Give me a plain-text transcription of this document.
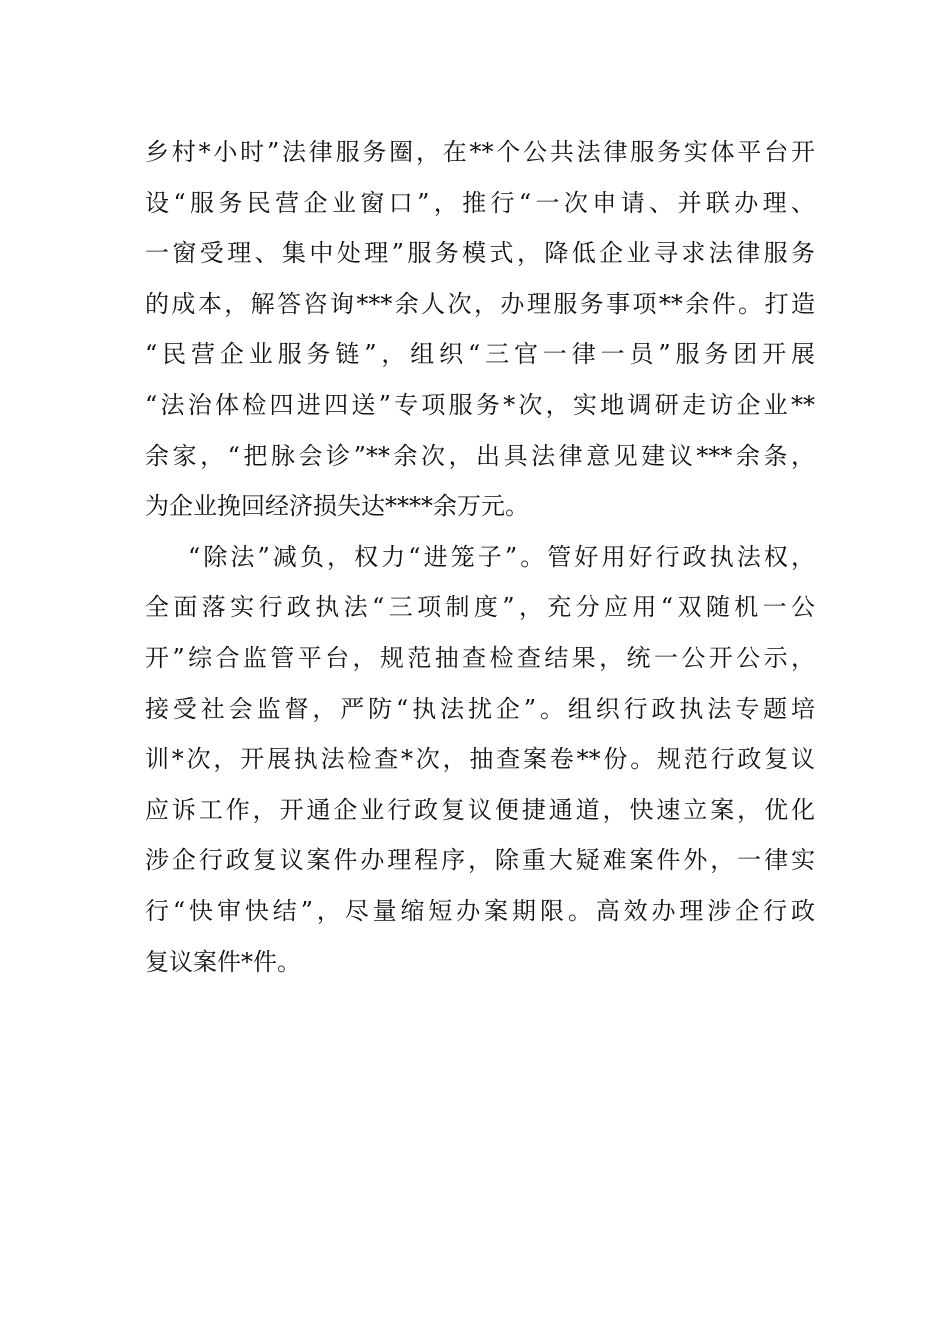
乡村*小时”法律服务圈，在**个公共法律服务实体平台开
设“服务民营企业窗口”，推行“一次申请、并联办理、
一窗受理、集中处理”服务模式，降低企业寻求法律服务
的成本，解答咨询***余人次，办理服务事项**余件。打造
“民营企业服务链”，组织“三官一律一员”服务团开展
“法治体检四进四送”专项服务*次，实地调研走访企业**
余家，“把脉会诊”**余次，出具法律意见建议***余条，
为企业挽回经济损失达****余万元。
“除法”减负，权力“进笼子”。管好用好行政执法权，
全面落实行政执法“三项制度”，充分应用“双随机一公
开”综合监管平台，规范抽查检查结果，统一公开公示，
接受社会监督，严防“执法扰企”。组织行政执法专题培
训*次，开展执法检查*次，抽查案卷**份。规范行政复议
应诉工作，开通企业行政复议便捷通道，快速立案，优化
涉企行政复议案件办理程序，除重大疑难案件外，一律实
行“快审快结”，尽量缩短办案期限。高效办理涉企行政
复议案件*件。
